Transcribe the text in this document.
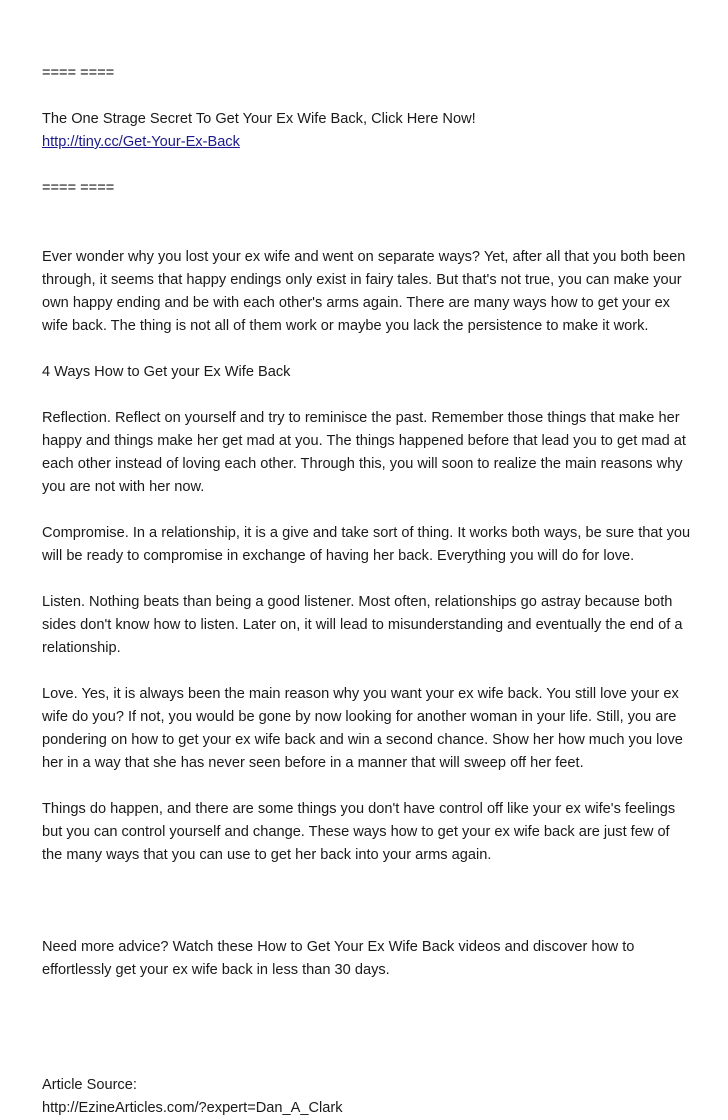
==== ====

The One Strage Secret To Get Your Ex Wife Back, Click Here Now!

http://tiny.cc/Get-Your-Ex-Back

==== ====

Ever wonder why you lost your ex wife and went on separate ways? Yet, after all that you both been through, it seems that happy endings only exist in fairy tales. But that's not true, you can make your own happy ending and be with each other's arms again. There are many ways how to get your ex wife back. The thing is not all of them work or maybe you lack the persistence to make it work.

4 Ways How to Get your Ex Wife Back

Reflection. Reflect on yourself and try to reminisce the past. Remember those things that make her happy and things make her get mad at you. The things happened before that lead you to get mad at each other instead of loving each other. Through this, you will soon to realize the main reasons why you are not with her now.

Compromise. In a relationship, it is a give and take sort of thing. It works both ways, be sure that you will be ready to compromise in exchange of having her back. Everything you will do for love.

Listen. Nothing beats than being a good listener. Most often, relationships go astray because both sides don't know how to listen. Later on, it will lead to misunderstanding and eventually the end of a relationship.

Love. Yes, it is always been the main reason why you want your ex wife back. You still love your ex wife do you? If not, you would be gone by now looking for another woman in your life. Still, you are pondering on how to get your ex wife back and win a second chance. Show her how much you love her in a way that she has never seen before in a manner that will sweep off her feet.

Things do happen, and there are some things you don't have control off like your ex wife's feelings but you can control yourself and change. These ways how to get your ex wife back are just few of the many ways that you can use to get her back into your arms again.

Need more advice? Watch these How to Get Your Ex Wife Back videos and discover how to effortlessly get your ex wife back in less than 30 days.

Article Source:

http://EzineArticles.com/?expert=Dan_A_Clark
